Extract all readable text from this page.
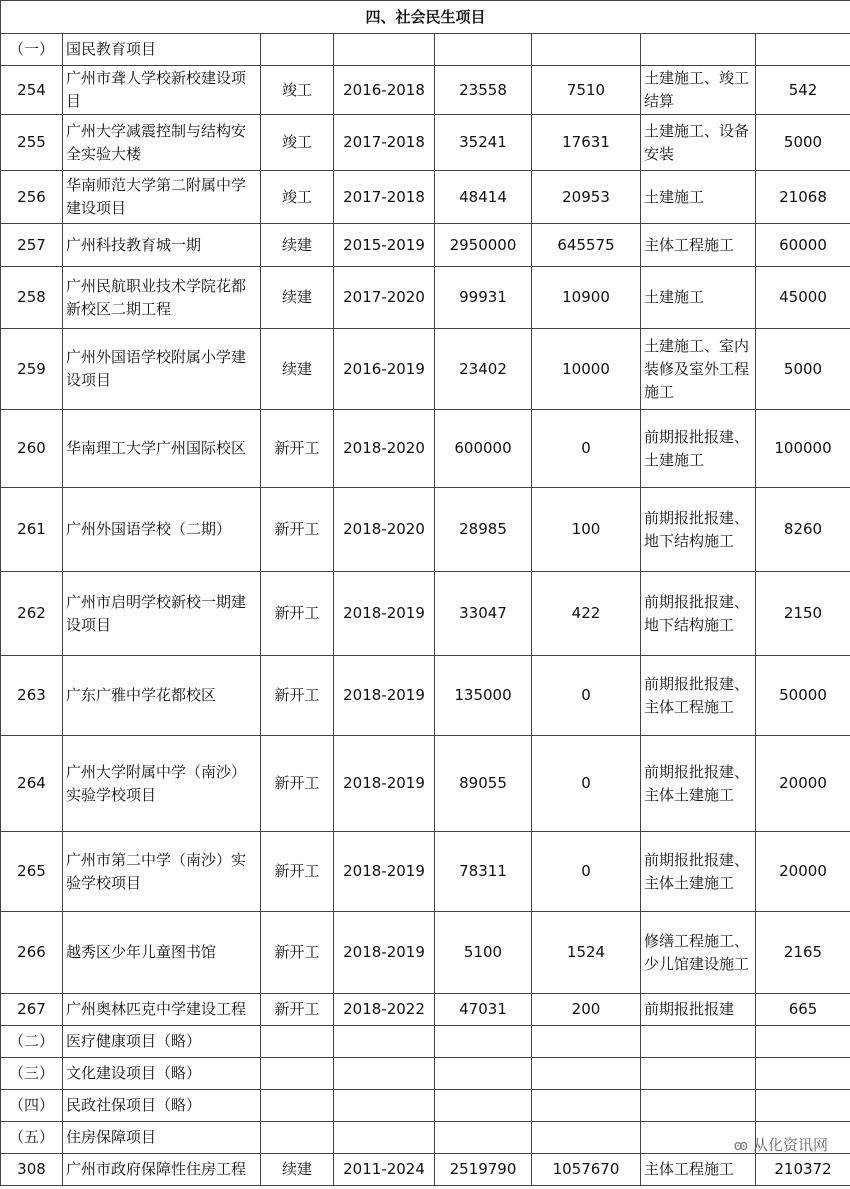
四、社会民生项目							
（一）	国民教育项目						
254	广州市聋人学校新校建设项目	竣工	2016-2018	23558	7510	土建施工、竣工结算	542
255	广州大学减震控制与结构安全实验大楼	竣工	2017-2018	35241	17631	土建施工、设备安装	5000
256	华南师范大学第二附属中学建设项目	竣工	2017-2018	48414	20953	土建施工	21068
257	广州科技教育城一期	续建	2015-2019	2950000	645575	主体工程施工	60000
258	广州民航职业技术学院花都新校区二期工程	续建	2017-2020	99931	10900	土建施工	45000
259	广州外国语学校附属小学建设项目	续建	2016-2019	23402	10000	土建施工、室内装修及室外工程施工	5000
260	华南理工大学广州国际校区	新开工	2018-2020	600000	0	前期报批报建、土建施工	100000
261	广州外国语学校（二期）	新开工	2018-2020	28985	100	前期报批报建、地下结构施工	8260
262	广州市启明学校新校一期建设项目	新开工	2018-2019	33047	422	前期报批报建、地下结构施工	2150
263	广东广雅中学花都校区	新开工	2018-2019	135000	0	前期报批报建、主体工程施工	50000
264	广州大学附属中学（南沙）实验学校项目	新开工	2018-2019	89055	0	前期报批报建、主体土建施工	20000
265	广州市第二中学（南沙）实验学校项目	新开工	2018-2019	78311	0	前期报批报建、主体土建施工	20000
266	越秀区少年儿童图书馆	新开工	2018-2019	5100	1524	修缮工程施工、少儿馆建设施工	2165
267	广州奥林匹克中学建设工程	新开工	2018-2022	47031	200	前期报批报建	665
（二）	医疗健康项目（略）						
（三）	文化建设项目（略）						
（四）	民政社保项目（略）						
（五）	住房保障项目						
308	广州市政府保障性住房工程	续建	2011-2024	2519790	1057670	主体工程施工	210372
ꙭ 从化资讯网
